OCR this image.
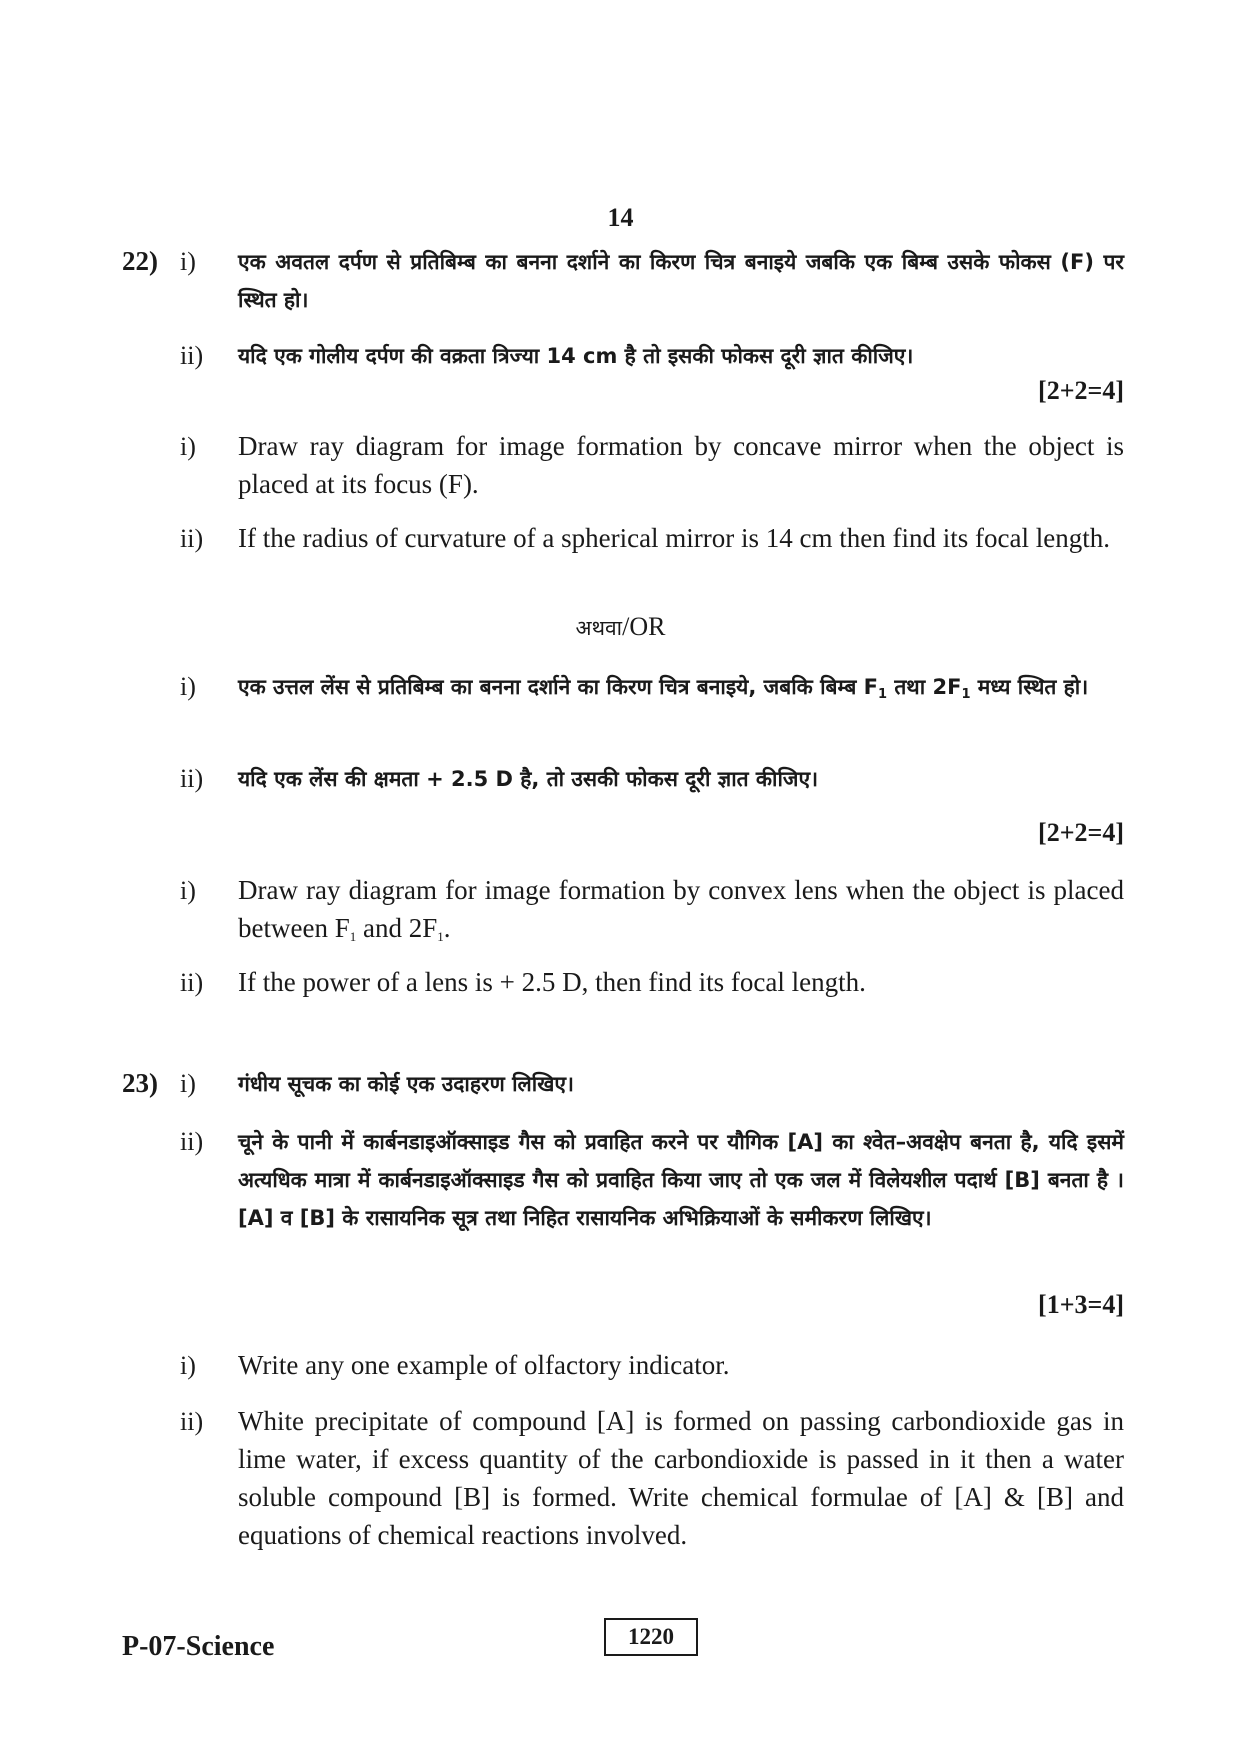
14
22) i) एक अवतल दर्पण से प्रतिबिम्ब का बनना दर्शाने का किरण चित्र बनाइये जबकि एक बिम्ब उसके फोकस (F) पर स्थित हो।
ii) यदि एक गोलीय दर्पण की वक्रता त्रिज्या 14 cm है तो इसकी फोकस दूरी ज्ञात कीजिए।
[2+2=4]
i) Draw ray diagram for image formation by concave mirror when the object is placed at its focus (F).
ii) If the radius of curvature of a spherical mirror is 14 cm then find its focal length.
अथवा/OR
i) एक उत्तल लेंस से प्रतिबिम्ब का बनना दर्शाने का किरण चित्र बनाइये, जबकि बिम्ब $F_1$ तथा $2F_1$ मध्य स्थित हो।
ii) यदि एक लेंस की क्षमता + 2.5 D है, तो उसकी फोकस दूरी ज्ञात कीजिए।
[2+2=4]
i) Draw ray diagram for image formation by convex lens when the object is placed between $F_1$ and $2F_1$.
ii) If the power of a lens is + 2.5 D, then find its focal length.
23) i) गंधीय सूचक का कोई एक उदाहरण लिखिए।
ii) चूने के पानी में कार्बनडाइऑक्साइड गैस को प्रवाहित करने पर यौगिक [A] का श्वेत–अवक्षेप बनता है, यदि इसमें अत्यधिक मात्रा में कार्बनडाइऑक्साइड गैस को प्रवाहित किया जाए तो एक जल में विलेयशील पदार्थ [B] बनता है । [A] व [B] के रासायनिक सूत्र तथा निहित रासायनिक अभिक्रियाओं के समीकरण लिखिए।
[1+3=4]
i) Write any one example of olfactory indicator.
ii) White precipitate of compound [A] is formed on passing carbondioxide gas in lime water, if excess quantity of the carbondioxide is passed in it then a water soluble compound [B] is formed. Write chemical formulae of [A] & [B] and equations of chemical reactions involved.
P-07-Science	1220
